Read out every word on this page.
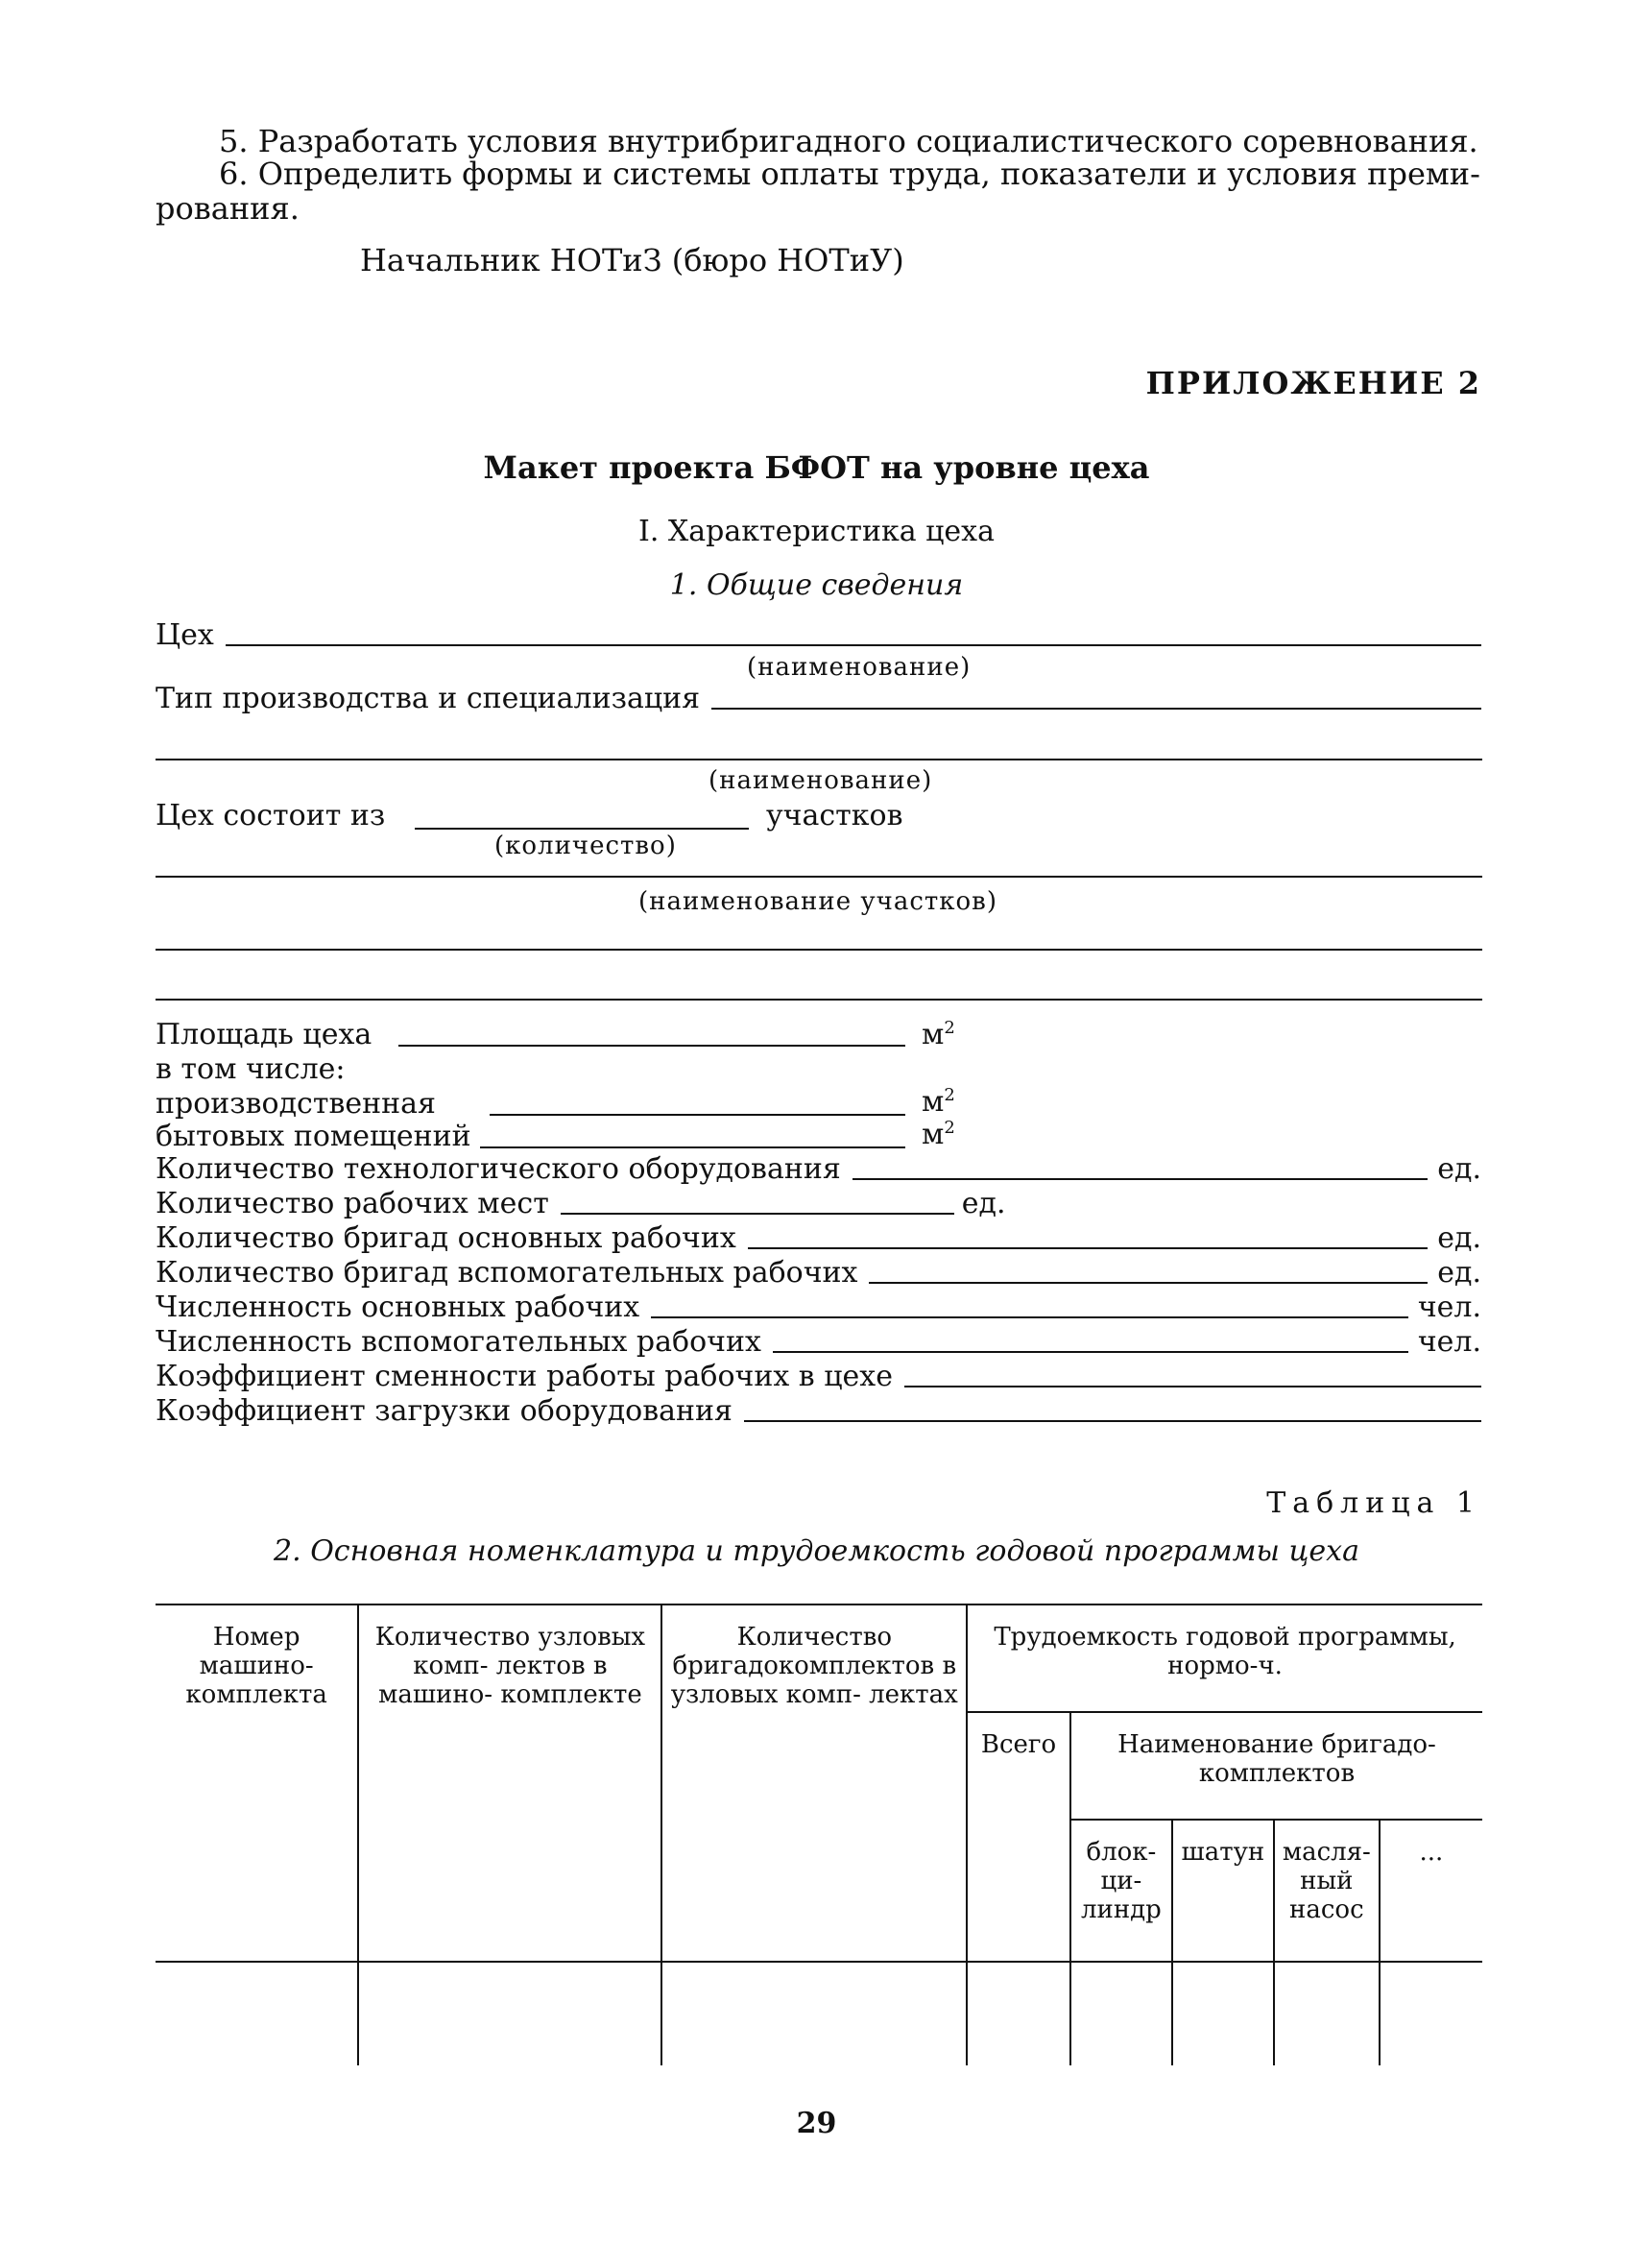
5. Разработать условия внутрибригадного социалистического соревнования.
6. Определить формы и системы оплаты труда, показатели и условия преми-
рования.
Начальник НОТиЗ (бюро НОТиУ)
ПРИЛОЖЕНИЕ 2
Макет проекта БФОТ на уровне цеха
I. Характеристика цеха
1. Общие сведения
Цех
(наименование)
Тип производства и специализация
(наименование)
Цех состоит из	участков
(количество)
(наименование участков)
Площадь цеха	$м^2$
в том числе:
производственная	$м^2$
бытовых помещений	$м^2$
Количество технологического оборудования	ед.
Количество рабочих мест	ед.
Количество бригад основных рабочих	ед.
Количество бригад вспомогательных рабочих	ед.
Численность основных рабочих	чел.
Численность вспомогательных рабочих	чел.
Коэффициент сменности работы рабочих в цехе
Коэффициент загрузки оборудования
Таблица 1
2. Основная номенклатура и трудоемкость годовой программы цеха
Номер машино- комплекта	Количество узловых комп- лектов в машино- комплекте	Количество бригадокомплектов в узловых комп- лектах	Трудоемкость годовой программы, нормо-ч.				
			Всего	Наименование бригадо- комплектов			
				блок- ци- линдр	шатун	масля- ный насос	...

29
